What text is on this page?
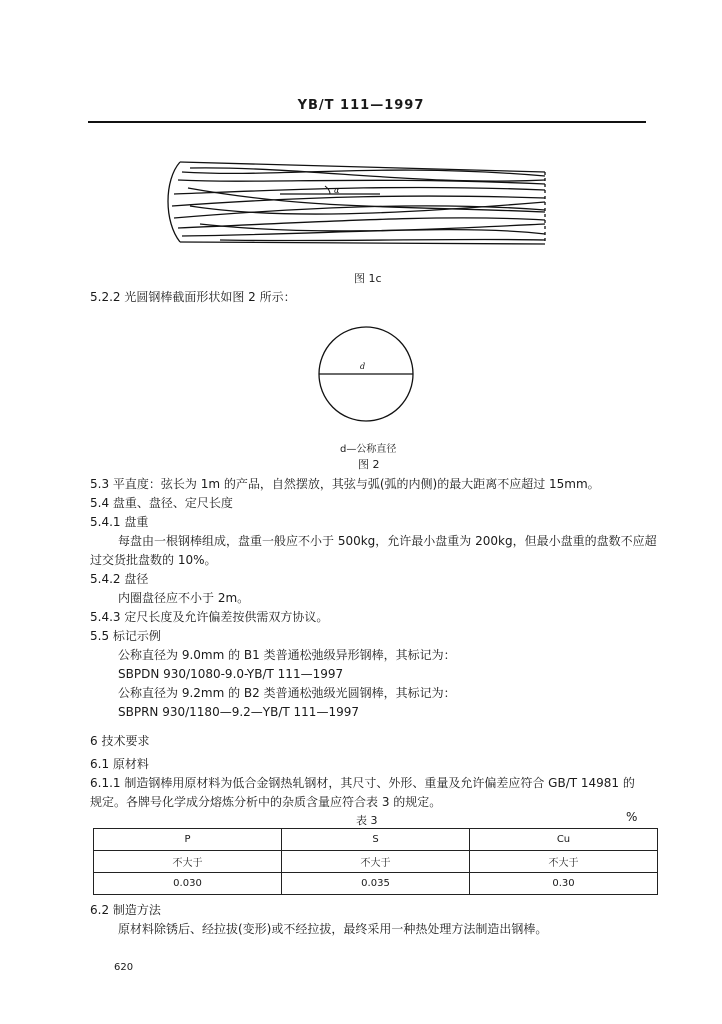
YB/T 111—1997
α
图 1c
5.2.2 光圆钢棒截面形状如图 2 所示：
d
d—公称直径
图 2
5.3 平直度：弦长为 1m 的产品，自然摆放，其弦与弧(弧的内侧)的最大距离不应超过 15mm。
5.4 盘重、盘径、定尺长度
5.4.1 盘重
每盘由一根钢棒组成，盘重一般应不小于 500kg，允许最小盘重为 200kg，但最小盘重的盘数不应超
过交货批盘数的 10%。
5.4.2 盘径
内圈盘径应不小于 2m。
5.4.3 定尺长度及允许偏差按供需双方协议。
5.5 标记示例
公称直径为 9.0mm 的 B1 类普通松弛级异形钢棒，其标记为：
SBPDN 930/1080-9.0-YB/T 111—1997
公称直径为 9.2mm 的 B2 类普通松弛级光圆钢棒，其标记为：
SBPRN 930/1180—9.2—YB/T 111—1997
6 技术要求
6.1 原材料
6.1.1 制造钢棒用原材料为低合金钢热轧钢材，其尺寸、外形、重量及允许偏差应符合 GB/T 14981 的
规定。各牌号化学成分熔炼分析中的杂质含量应符合表 3 的规定。
表 3	%
P	S	Cu
不大于	不大于	不大于
0.030	0.035	0.30
6.2 制造方法
原材料除锈后、经拉拔(变形)或不经拉拔，最终采用一种热处理方法制造出钢棒。
620
